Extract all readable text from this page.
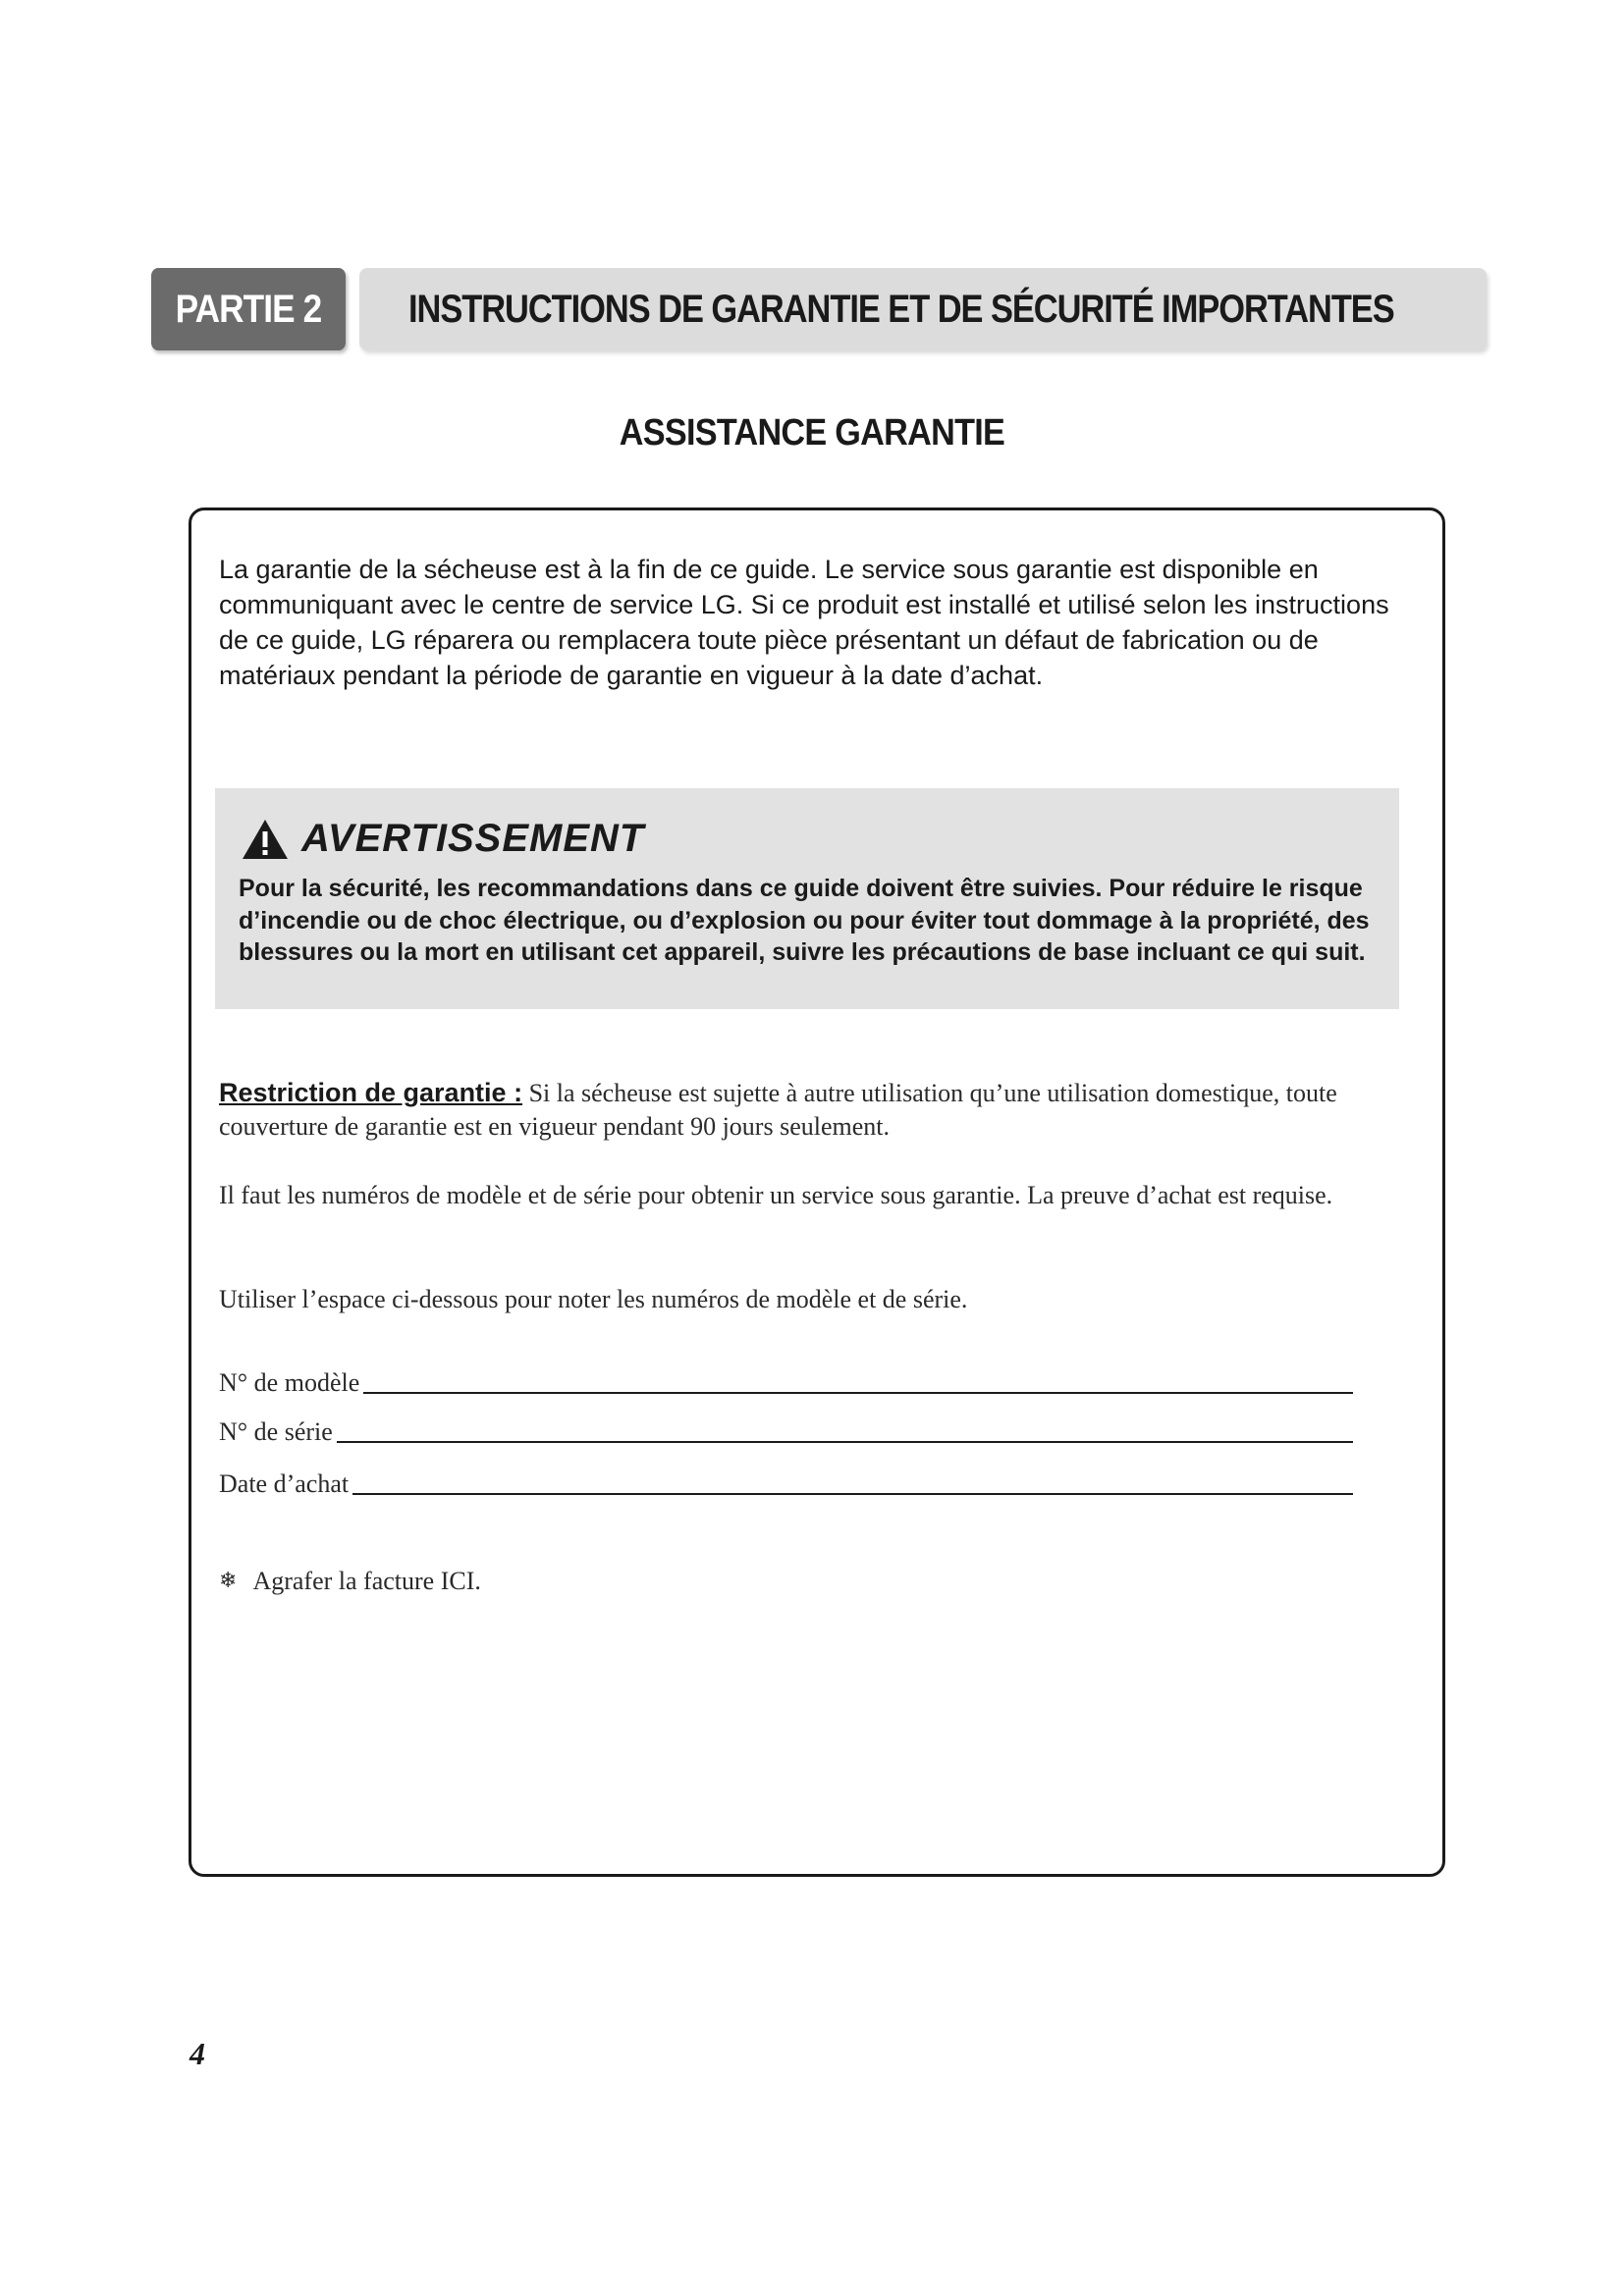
PARTIE 2 INSTRUCTIONS DE GARANTIE ET DE SÉCURITÉ IMPORTANTES
ASSISTANCE GARANTIE
La garantie de la sécheuse est à la fin de ce guide. Le service sous garantie est disponible en communiquant avec le centre de service LG. Si ce produit est installé et utilisé selon les instructions de ce guide, LG réparera ou remplacera toute pièce présentant un défaut de fabrication ou de matériaux pendant la période de garantie en vigueur à la date d’achat.
AVERTISSEMENT
Pour la sécurité, les recommandations dans ce guide doivent être suivies. Pour réduire le risque d’incendie ou de choc électrique, ou d’explosion ou pour éviter tout dommage à la propriété, des blessures ou la mort en utilisant cet appareil, suivre les précautions de base incluant ce qui suit.
Restriction de garantie : Si la sécheuse est sujette à autre utilisation qu’une utilisation domestique, toute couverture de garantie est en vigueur pendant 90 jours seulement.
Il faut les numéros de modèle et de série pour obtenir un service sous garantie. La preuve d’achat est requise.
Utiliser l’espace ci-dessous pour noter les numéros de modèle et de série.
N° de modèle
N° de série
Date d’achat
❄ Agrafer la facture ICI.
4
